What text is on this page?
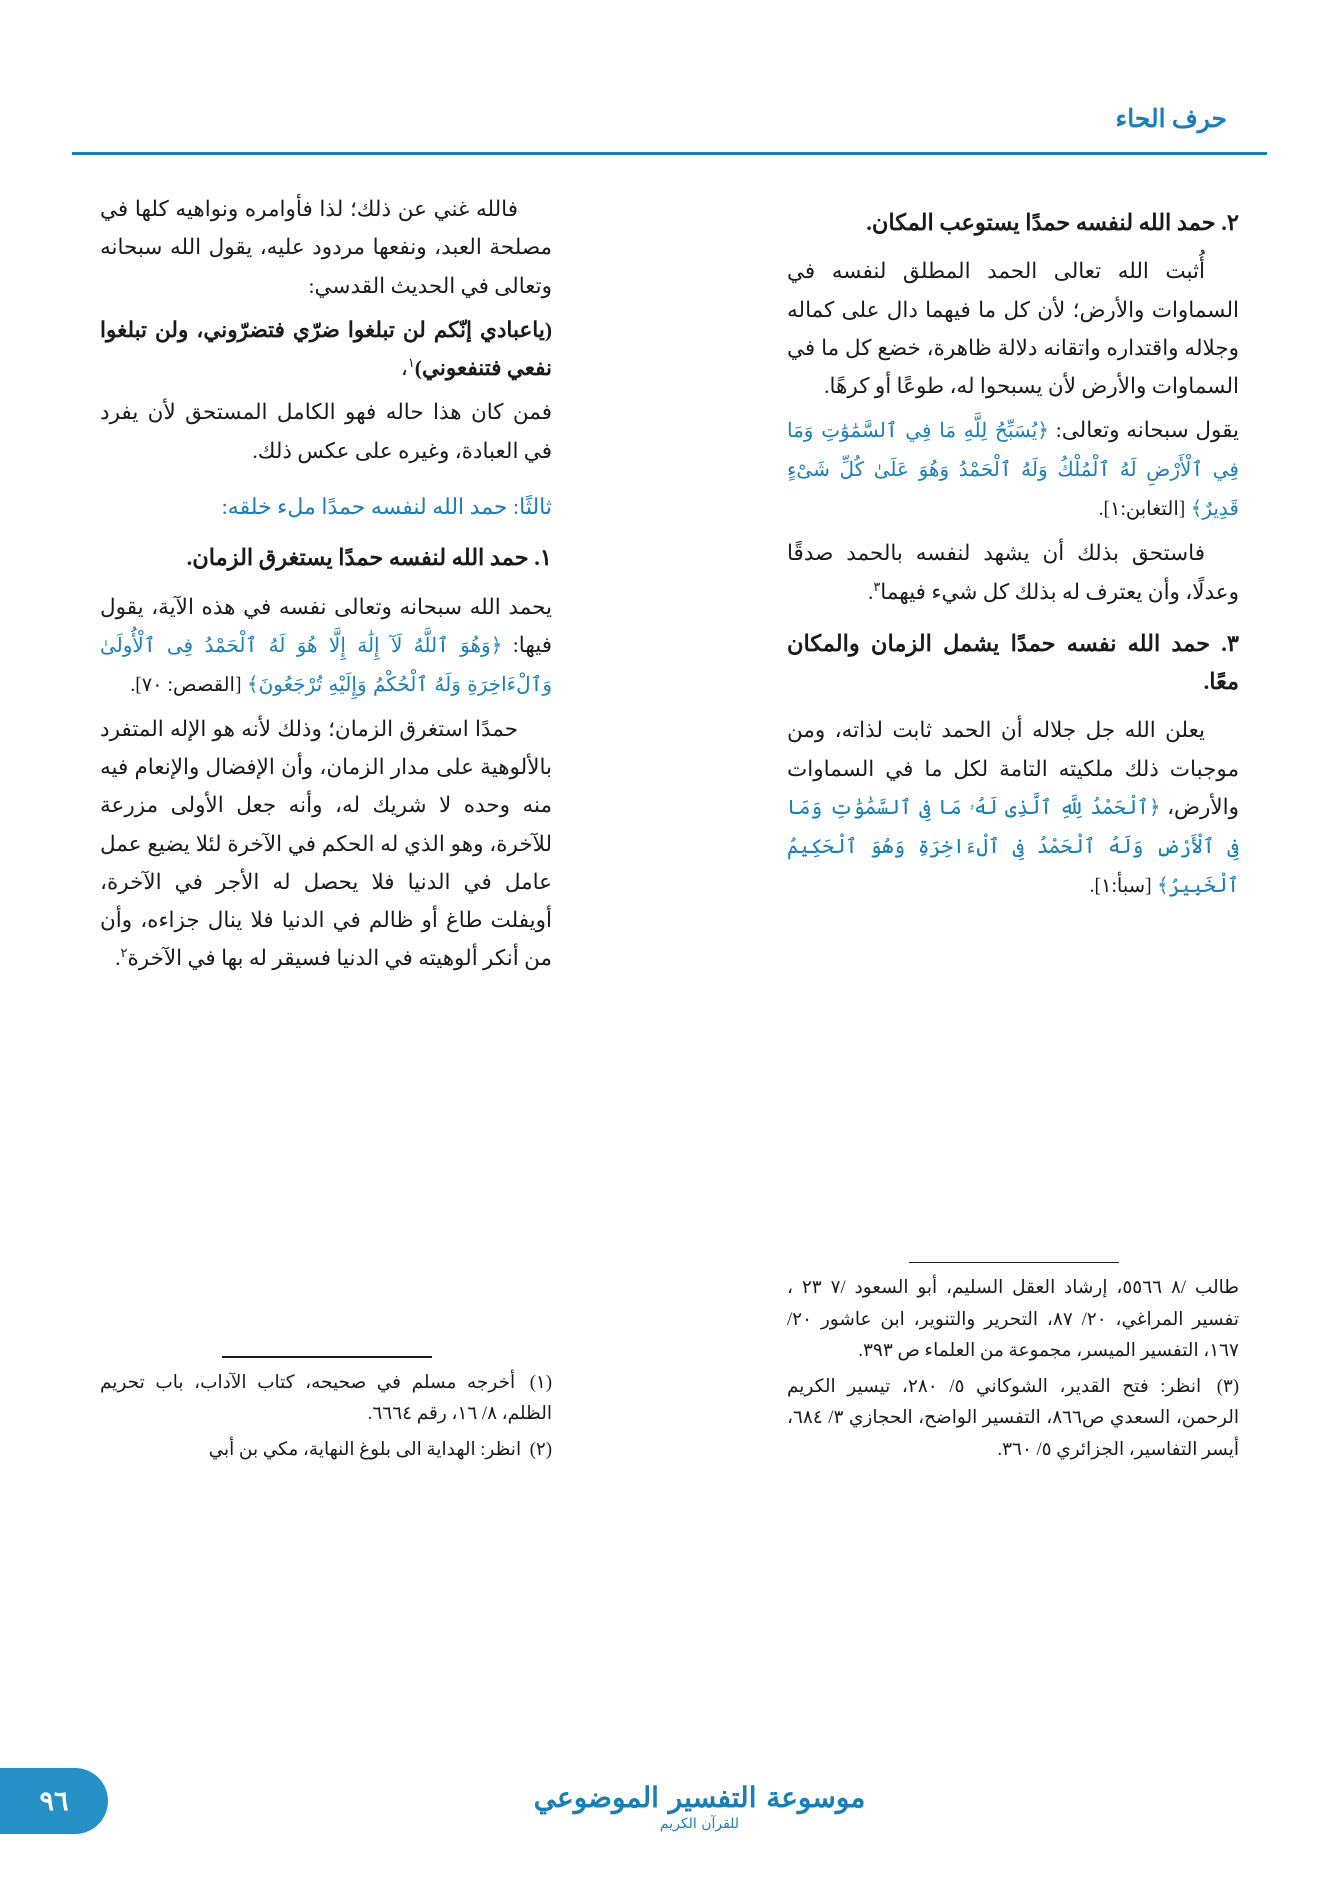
حرف الحاء

٢. حمد الله لنفسه حمدًا يستوعب المكان.

أُثبت الله تعالى الحمد المطلق لنفسه في السماوات والأرض؛ لأن كل ما فيهما دال على كماله وجلاله واقتداره واتقانه دلالة ظاهرة، خضع كل ما في السماوات والأرض لأن يسبحوا له، طوعًا أو كرهًا.

يقول سبحانه وتعالى: ﴿يُسَبِّحُ لِلَّهِ مَا فِي ٱلسَّمَٰوَٰتِ وَمَا فِي ٱلْأَرْضِ لَهُ ٱلْمُلْكُ وَلَهُ ٱلْحَمْدُ وَهُوَ عَلَىٰ كُلِّ شَىْءٍ قَدِيرٌ﴾ [التغابن:١].

فاستحق بذلك أن يشهد لنفسه بالحمد صدقًا وعدلًا، وأن يعترف له بذلك كل شيء فيهما$^٣$.

٣. حمد الله نفسه حمدًا يشمل الزمان والمكان معًا.

يعلن الله جل جلاله أن الحمد ثابت لذاته، ومن موجبات ذلك ملكيته التامة لكل ما في السماوات والأرض، ﴿ٱلْحَمْدُ لِلَّهِ ٱلَّذِى لَهُۥ مَا فِى ٱلسَّمَٰوَٰتِ وَمَا فِى ٱلْأَرْضِ وَلَهُ ٱلْحَمْدُ فِى ٱلْءَاخِرَةِ وَهُوَ ٱلْحَكِيمُ ٱلْخَبِيرُ﴾ [سبأ:١].

فالله غني عن ذلك؛ لذا فأوامره ونواهيه كلها في مصلحة العبد، ونفعها مردود عليه، يقول الله سبحانه وتعالى في الحديث القدسي:

(ياعبادي إنّكم لن تبلغوا ضرّي فتضرّوني، ولن تبلغوا نفعي فتنفعوني)$^١$،

فمن كان هذا حاله فهو الكامل المستحق لأن يفرد في العبادة، وغيره على عكس ذلك.

ثالثًا: حمد الله لنفسه حمدًا ملء خلقه:

١. حمد الله لنفسه حمدًا يستغرق الزمان.

يحمد الله سبحانه وتعالى نفسه في هذه الآية، يقول فيها: ﴿وَهُوَ ٱللَّهُ لَآ إِلَٰهَ إِلَّا هُوَ لَهُ ٱلْحَمْدُ فِى ٱلْأُولَىٰ وَٱلْءَاخِرَةِ وَلَهُ ٱلْحُكْمُ وَإِلَيْهِ تُرْجَعُونَ﴾ [القصص: ٧٠].

حمدًا استغرق الزمان؛ وذلك لأنه هو الإله المتفرد بالألوهية على مدار الزمان، وأن الإفضال والإنعام فيه منه وحده لا شريك له، وأنه جعل الأولى مزرعة للآخرة، وهو الذي له الحكم في الآخرة لئلا يضيع عمل عامل في الدنيا فلا يحصل له الأجر في الآخرة، أويفلت طاغ أو ظالم في الدنيا فلا ينال جزاءه، وأن من أنكر ألوهيته في الدنيا فسيقر له بها في الآخرة$^٢$.

طالب /٨ ٥٥٦٦، إرشاد العقل السليم، أبو السعود /٧ ٢٣ ، تفسير المراغي، ٢٠/ ٨٧، التحرير والتنوير، ابن عاشور ٢٠/ ١٦٧، التفسير الميسر، مجموعة من العلماء ص ٣٩٣.
(٣) انظر: فتح القدير، الشوكاني ٥/ ٢٨٠، تيسير الكريم الرحمن، السعدي ص٨٦٦، التفسير الواضح، الحجازي ٣/ ٦٨٤، أيسر التفاسير، الجزائري ٥/ ٣٦٠.
(١) أخرجه مسلم في صحيحه، كتاب الآداب، باب تحريم الظلم، ٨/ ١٦، رقم ٦٦٦٤.
(٢) انظر: الهداية الى بلوغ النهاية، مكي بن أبي
موسوعة التفسير الموضوعي
للقرآن الكريم
٩٦
